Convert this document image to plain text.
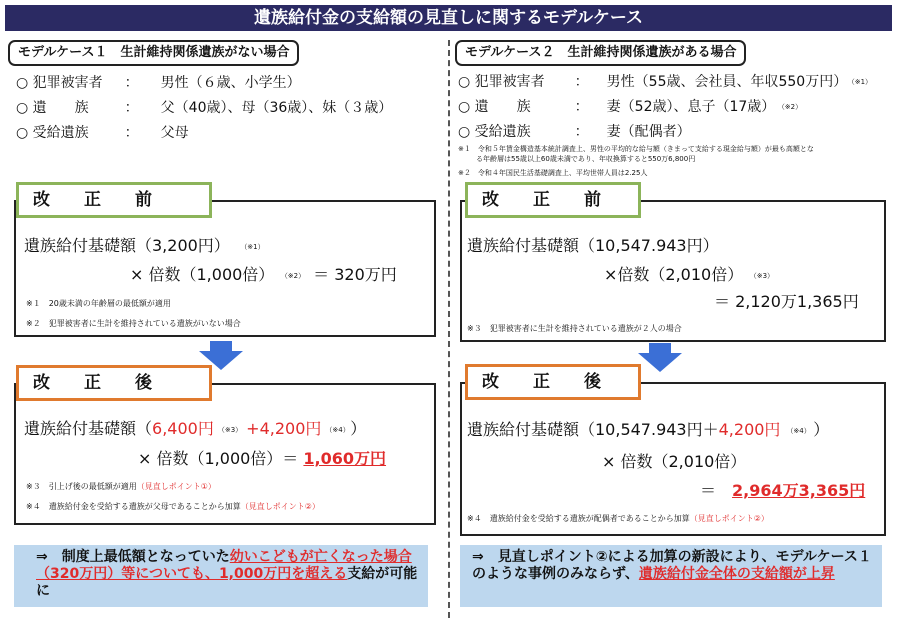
遺族給付金の支給額の見直しに関するモデルケース
モデルケース１　生計維持関係遺族がない場合
○ 犯罪被害者 ： 男性（６歳、小学生）
○ 遺　　族	： 父（40歳）、母（36歳）、妹（３歳）
○ 受給遺族	： 父母
改　　正　　前
遺族給付基礎額（3,200円） （※1）
× 倍数（1,000倍） （※2） ＝ 320万円
※１　20歳未満の年齢層の最低額が適用
※２　犯罪被害者に生計を維持されている遺族がいない場合
改　　正　　後
遺族給付基礎額（6,400円 （※3） +4,200円 （※4） ）
× 倍数（1,000倍）＝ 1,060万円
※３　引上げ後の最低額が適用（見直しポイント①）
※４　遺族給付金を受給する遺族が父母であることから加算（見直しポイント②）
⇒　制度上最低額となっていた幼いこどもが亡くなった場合（320万円）等についても、1,000万円を超える支給が可能に
モデルケース２　生計維持関係遺族がある場合
○ 犯罪被害者 ： 男性（55歳、会社員、年収550万円） （※1）
○ 遺　　族	： 妻（52歳）、息子（17歳） （※2）
○ 受給遺族	： 妻（配偶者）
※１　令和５年賃金構造基本統計調査上、男性の平均的な給与額（きまって支給する現金給与額）が最も高額とな
る年齢層は55歳以上60歳未満であり、年収換算すると550万6,800円
※２　令和４年国民生活基礎調査上、平均世帯人員は2.25人
改　　正　　前
遺族給付基礎額（10,547.943円）
×倍数（2,010倍） （※3）
＝ 2,120万1,365円
※３　犯罪被害者に生計を維持されている遺族が２人の場合
改　　正　　後
遺族給付基礎額（10,547.943円＋4,200円 （※4） ）
× 倍数（2,010倍）
＝　 2,964万3,365円
※４　遺族給付金を受給する遺族が配偶者であることから加算（見直しポイント②）
⇒　見直しポイント②による加算の新設により、モデルケース１のような事例のみならず、遺族給付金全体の支給額が上昇
